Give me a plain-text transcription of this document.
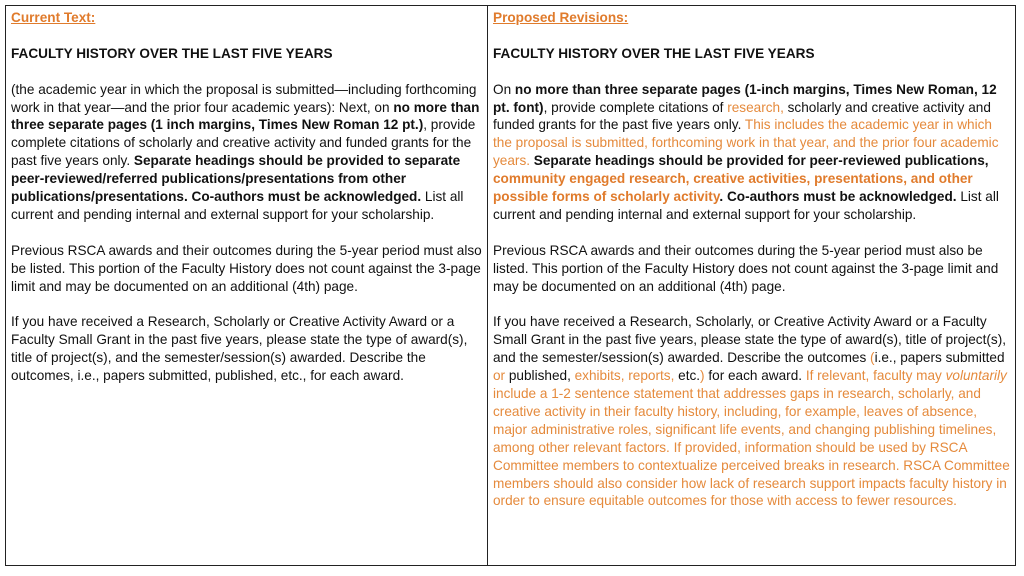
Current Text:

FACULTY HISTORY OVER THE LAST FIVE YEARS

(the academic year in which the proposal is submitted—including forthcoming work in that year—and the prior four academic years): Next, on no more than three separate pages (1 inch margins, Times New Roman 12 pt.), provide complete citations of scholarly and creative activity and funded grants for the past five years only. Separate headings should be provided to separate peer-reviewed/referred publications/presentations from other publications/presentations. Co-authors must be acknowledged. List all current and pending internal and external support for your scholarship.

Previous RSCA awards and their outcomes during the 5-year period must also be listed. This portion of the Faculty History does not count against the 3-page limit and may be documented on an additional (4th) page.

If you have received a Research, Scholarly or Creative Activity Award or a Faculty Small Grant in the past five years, please state the type of award(s), title of project(s), and the semester/session(s) awarded. Describe the outcomes, i.e., papers submitted, published, etc., for each award.

Proposed Revisions:

FACULTY HISTORY OVER THE LAST FIVE YEARS

On no more than three separate pages (1-inch margins, Times New Roman, 12 pt. font), provide complete citations of research, scholarly and creative activity and funded grants for the past five years only. This includes the academic year in which the proposal is submitted, forthcoming work in that year, and the prior four academic years. Separate headings should be provided for peer-reviewed publications, community engaged research, creative activities, presentations, and other possible forms of scholarly activity. Co-authors must be acknowledged. List all current and pending internal and external support for your scholarship.

Previous RSCA awards and their outcomes during the 5-year period must also be listed. This portion of the Faculty History does not count against the 3-page limit and may be documented on an additional (4th) page.

If you have received a Research, Scholarly, or Creative Activity Award or a Faculty Small Grant in the past five years, please state the type of award(s), title of project(s), and the semester/session(s) awarded. Describe the outcomes (i.e., papers submitted or published, exhibits, reports, etc.) for each award. If relevant, faculty may voluntarily include a 1-2 sentence statement that addresses gaps in research, scholarly, and creative activity in their faculty history, including, for example, leaves of absence, major administrative roles, significant life events, and changing publishing timelines, among other relevant factors. If provided, information should be used by RSCA Committee members to contextualize perceived breaks in research. RSCA Committee members should also consider how lack of research support impacts faculty history in order to ensure equitable outcomes for those with access to fewer resources.
